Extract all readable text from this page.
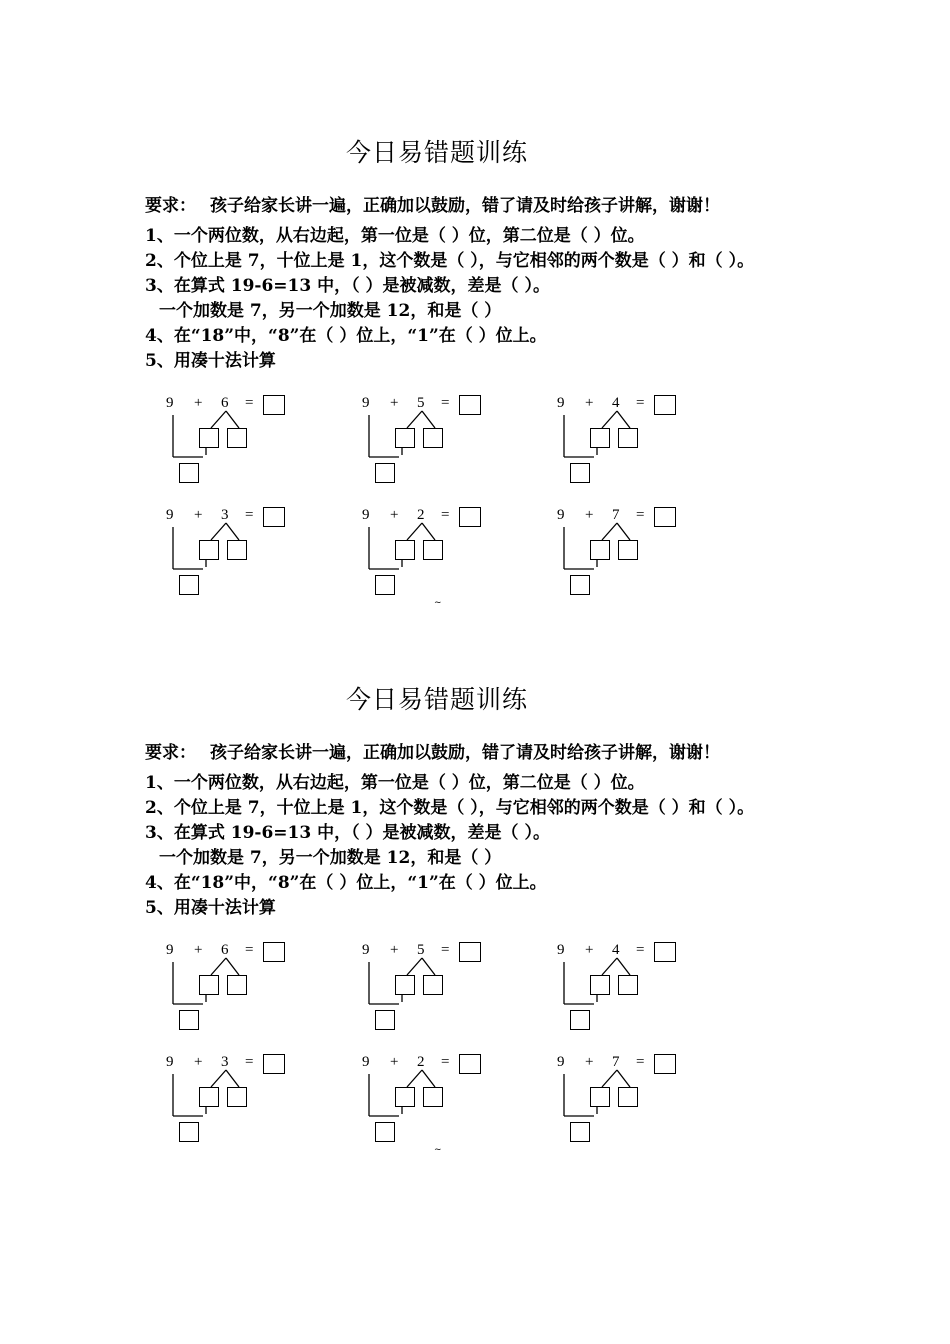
今日易错题训练
要求： 孩子给家长讲一遍，正确加以鼓励，错了请及时给孩子讲解，谢谢！
1、一个两位数，从右边起，第一位是（ ）位，第二位是（ ）位。
2、个位上是 7，十位上是 1，这个数是（ ），与它相邻的两个数是（ ）和（ ）。
3、在算式 19-6=13 中，（ ）是被减数，差是（ ）。
一个加数是 7，另一个加数是 12，和是（ ）
4、在“18”中，“8”在（ ）位上，“1”在（ ）位上。
5、用凑十法计算
9 + 6 =	9 + 5 =	9 + 4 =
9 + 3 =	9 + 2 =	9 + 7 =
~
今日易错题训练
要求： 孩子给家长讲一遍，正确加以鼓励，错了请及时给孩子讲解，谢谢！
1、一个两位数，从右边起，第一位是（ ）位，第二位是（ ）位。
2、个位上是 7，十位上是 1，这个数是（ ），与它相邻的两个数是（ ）和（ ）。
3、在算式 19-6=13 中，（ ）是被减数，差是（ ）。
一个加数是 7，另一个加数是 12，和是（ ）
4、在“18”中，“8”在（ ）位上，“1”在（ ）位上。
5、用凑十法计算
9 + 6 =	9 + 5 =	9 + 4 =
9 + 3 =	9 + 2 =	9 + 7 =
~
